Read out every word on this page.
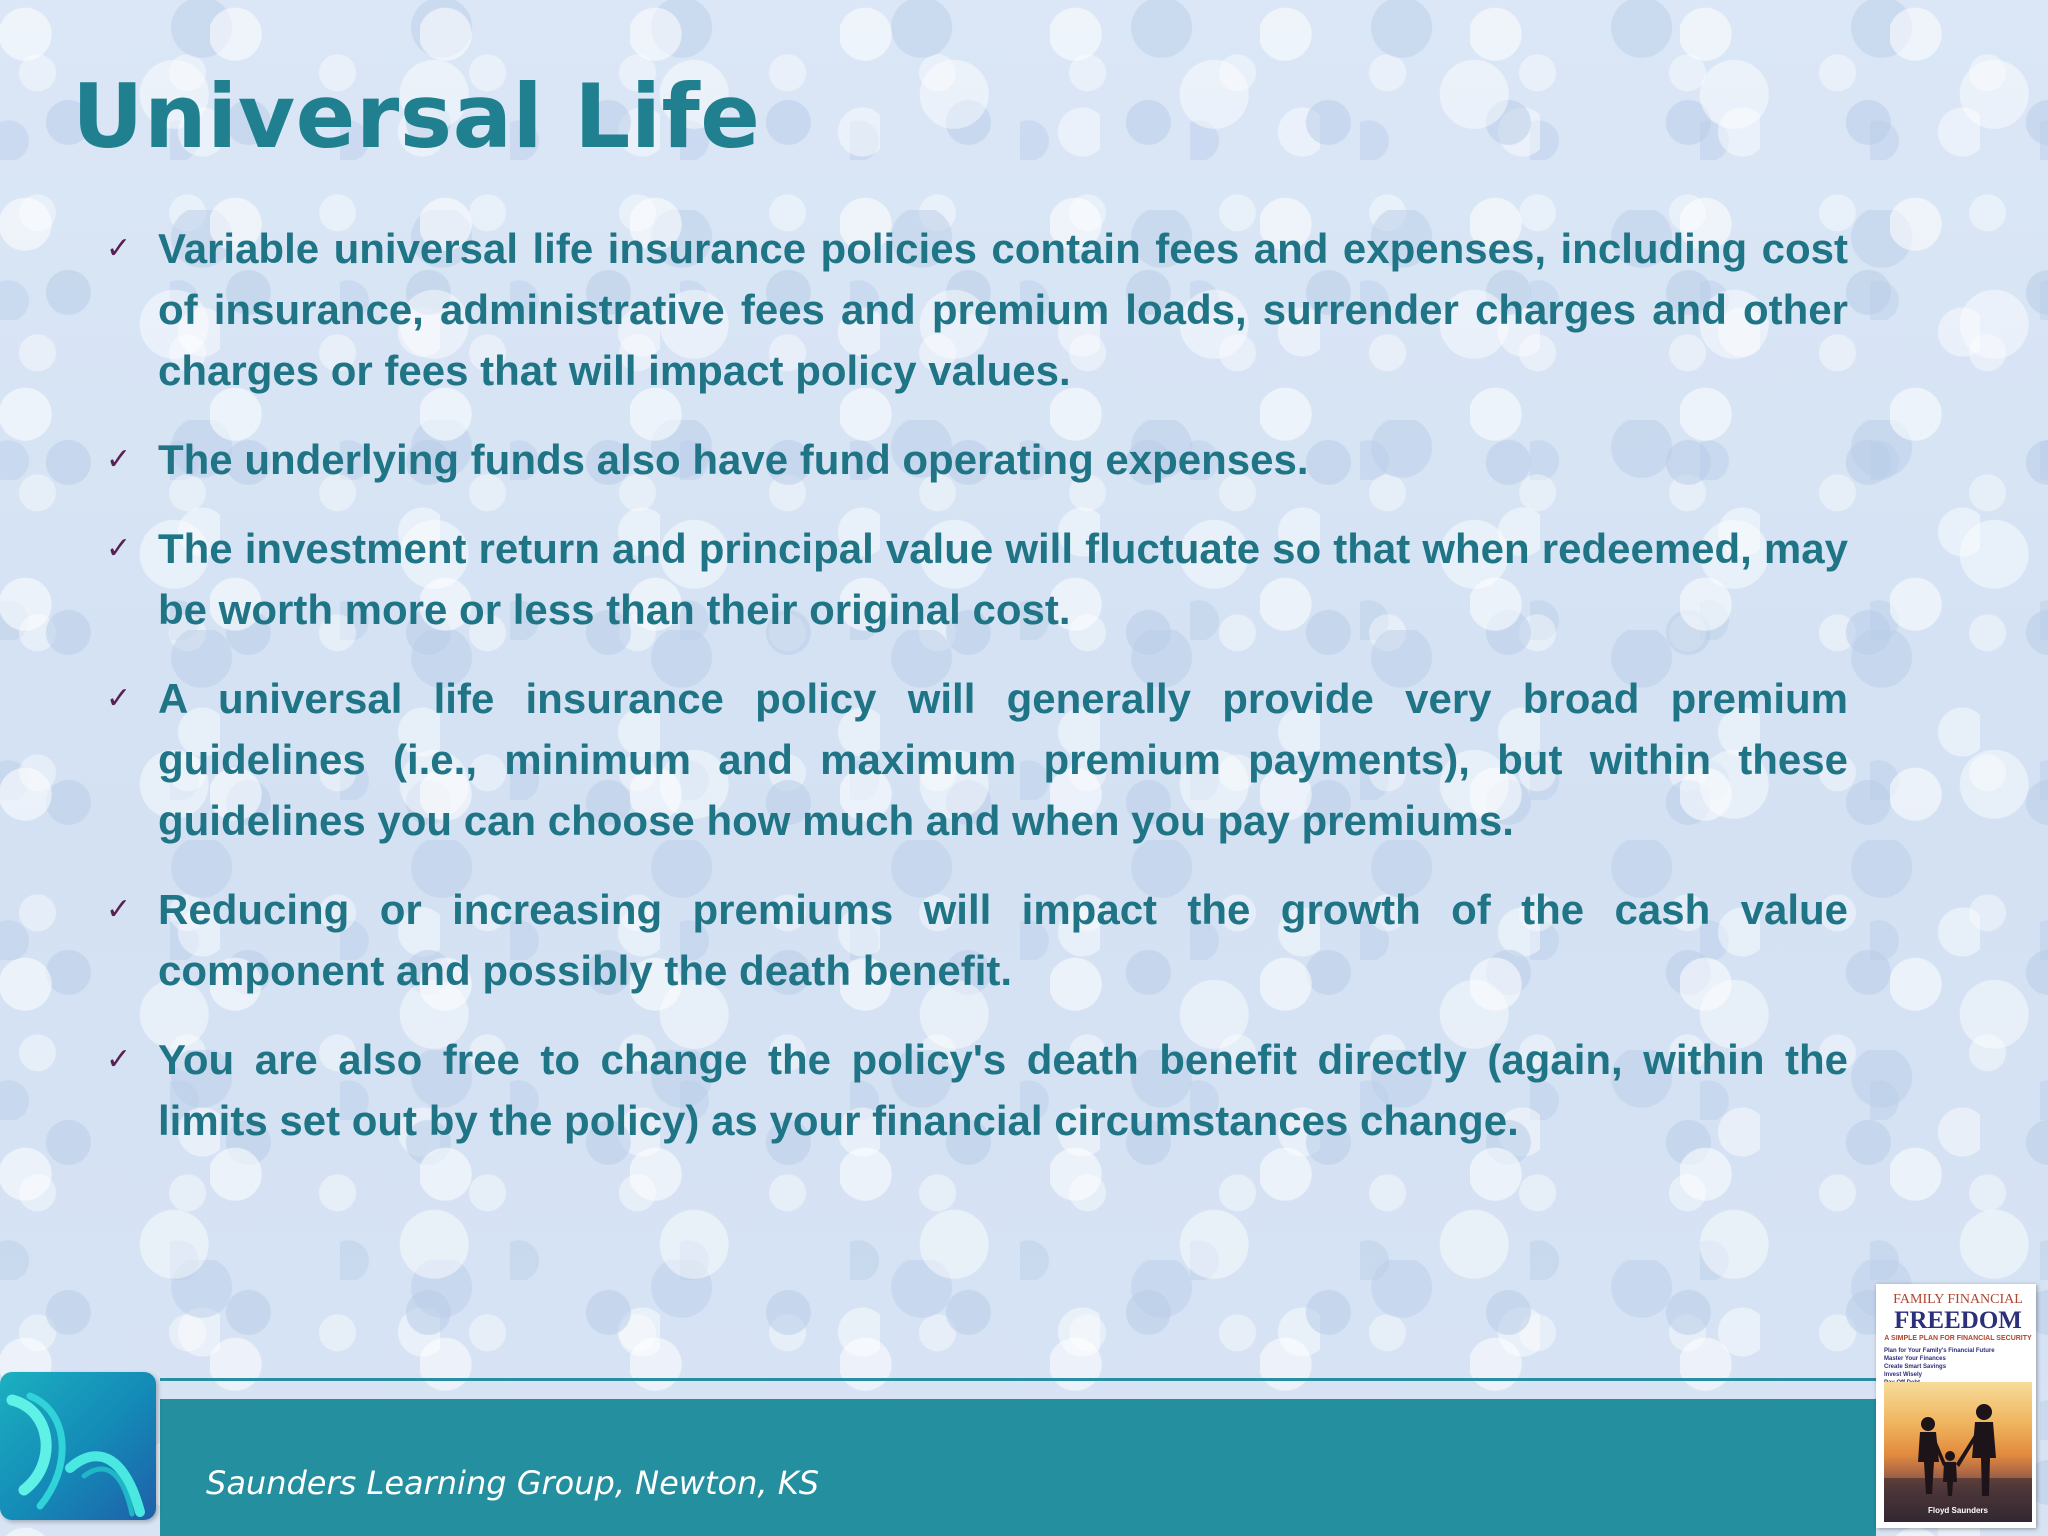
Universal Life
✓ Variable universal life insurance policies contain fees and expenses, including cost of insurance, administrative fees and premium loads, surrender charges and other charges or fees that will impact policy values.
✓ The underlying funds also have fund operating expenses.
✓ The investment return and principal value will fluctuate so that when redeemed, may be worth more or less than their original cost.
✓ A universal life insurance policy will generally provide very broad premium guidelines (i.e., minimum and maximum premium payments), but within these guidelines you can choose how much and when you pay premiums.
✓ Reducing or increasing premiums will impact the growth of the cash value component and possibly the death benefit.
✓ You are also free to change the policy's death benefit directly (again, within the limits set out by the policy) as your financial circumstances change.
Saunders Learning Group, Newton, KS
FAMILY FINANCIAL
FREEDOM
A SIMPLE PLAN FOR FINANCIAL SECURITY
Plan for Your Family's Financial Future
Master Your Finances
Create Smart Savings
Invest Wisely
Floyd Saunders
